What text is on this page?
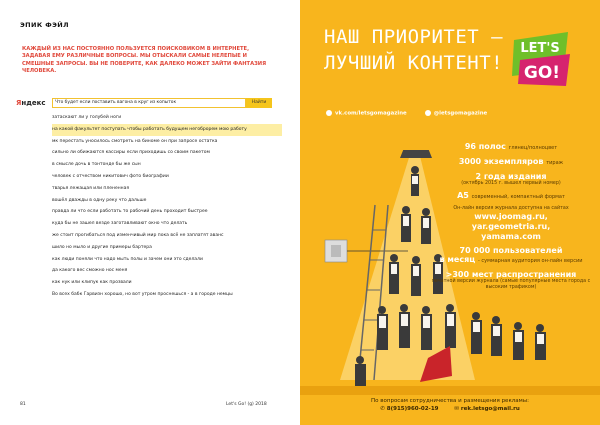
ЭПИК ФЭЙЛ
КАЖДЫЙ ИЗ НАС ПОСТОЯННО ПОЛЬЗУЕТСЯ ПОИСКОВИКОМ В ИНТЕРНЕТЕ, ЗАДАВАЯ ЕМУ РАЗЛИЧНЫЕ ВОПРОСЫ. МЫ ОТЫСКАЛИ САМЫЕ НЕЛЕПЫЕ И СМЕШНЫЕ ЗАПРОСЫ. ВЫ НЕ ПОВЕРИТЕ, КАК ДАЛЕКО МОЖЕТ ЗАЙТИ ФАНТАЗИЯ ЧЕЛОВЕКА.
Яндекс	Что будет если поставить вагона в круг из копыток	Найти
затаскают ли у голубей ноги
на какой факультет поступать чтобы работать будущем негоброрем мою работу
мк перестать уносилось смотреть на биноме он при запросе остатка
сильно ли обижаются кассиры если приходишь со своим пакетом
в смысле дочь в тонтонде бы же сын
человек с отчеством никитович фото биографии
тварья лежащая или плененная
вошёл дважды в одну реку что дальше
правда ли что если работать то рабочий день проходит быстрее
куда бы не зашел везде заготавливают окно что делать
же стоит прогибаться под изменчивый мир пока всё не заплатят аванс
шило но мыло и другие примеры бартера
как люди поняли что надо мыть полы и зачем они это сделали
да какого вес сможно нос меня
как нук или клипук как прозвали
Во всех бабк Гарвизн хорошо, но вот утром проснешься - а в городе немцы
81	Let's Go! (g) 2018
НАШ ПРИОРИТЕТ —
ЛУЧШИЙ КОНТЕНТ!
LET'S
GO!
vk.com/letsgomagazine	@letsgomagazine
96 полос глянец/полноцвет
3000 экземпляров тираж
2 года издания
(октябрь 2015 г. вышел первый номер)
А5 современный, компактный формат
Он-лайн версия журнала доступна на сайтах
www.joomag.ru,
yar.geometria.ru,
yamama.com
70 000 пользователей
в месяц - суммарная аудитория он-лайн версии
>300 мест распространения
печатной версии журнала (самые популярные места города с высоким трафиком)
По вопросам сотрудничества и размещения рекламы:
✆ 8(915)960-02-19	✉ rek.letsgo@mail.ru
